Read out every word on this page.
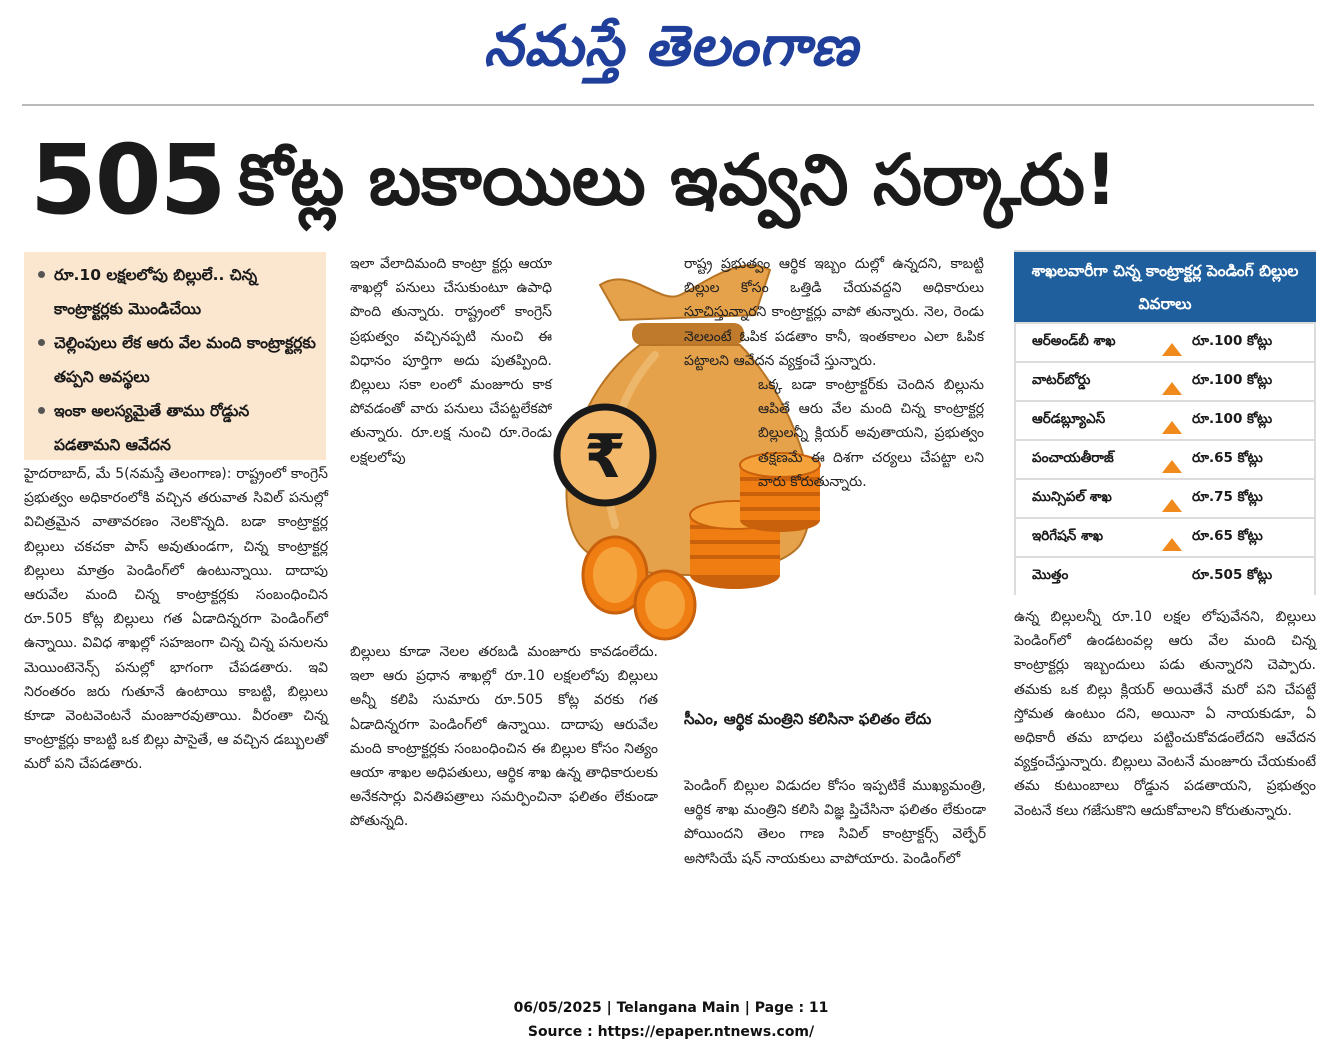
నమస్తే తెలంగాణ
505 కోట్ల బకాయిలు ఇవ్వని సర్కారు!
రూ.10 లక్షలలోపు బిల్లులే.. చిన్న కాంట్రాక్టర్లకు మొండిచేయి
చెల్లింపులు లేక ఆరు వేల మంది కాంట్రాక్టర్లకు తప్పని అవస్థలు
ఇంకా అలస్యమైతే తాము రోడ్డున పడతామని ఆవేదన

హైదరాబాద్, మే 5(నమస్తే తెలంగాణ): రాష్ట్రంలో కాంగ్రెస్ ప్రభుత్వం అధికారంలోకి వచ్చిన తరువాత సివిల్ పనుల్లో విచిత్రమైన వాతావరణం నెలకొన్నది. బడా కాంట్రాక్టర్ల బిల్లులు చకచకా పాస్ అవుతుండగా, చిన్న కాంట్రాక్టర్ల బిల్లులు మాత్రం పెండింగ్‌లో ఉంటున్నాయి. దాదాపు ఆరువేల మంది చిన్న కాంట్రాక్టర్లకు సంబంధించిన రూ.505 కోట్ల బిల్లులు గత ఏడాదిన్నరగా పెండింగ్‌లో ఉన్నాయి. వివిధ శాఖల్లో సహజంగా చిన్న చిన్న పనులను మెయింటెనెన్స్ పనుల్లో భాగంగా చేపడతారు. ఇవి నిరంతరం జరు గుతూనే ఉంటాయి కాబట్టి, బిల్లులు కూడా వెంటవెంటనే మంజూరవుతాయి. వీరంతా చిన్న కాంట్రాక్టర్లు కాబట్టి ఒక బిల్లు పాసైతే, ఆ వచ్చిన డబ్బులతో మరో పని చేపడతారు.

ఇలా వేలాదిమంది కాంట్రా క్టర్లు ఆయా శాఖల్లో పనులు చేసుకుంటూ ఉపాధి పొంది తున్నారు. రాష్ట్రంలో కాంగ్రెస్ ప్రభుత్వం వచ్చినప్పటి నుంచి ఈ విధానం పూర్తిగా అదు పుతప్పింది. బిల్లులు సకా లంలో మంజూరు కాక పోవడంతో వారు పనులు చేపట్టలేకపో తున్నారు. రూ.లక్ష నుంచి రూ.రెండు లక్షలలోపు	₹

బిల్లులు కూడా నెలల తరబడి మంజూరు కావడంలేదు. ఇలా ఆరు ప్రధాన శాఖల్లో రూ.10 లక్షలలోపు బిల్లులు అన్నీ కలిపి సుమారు రూ.505 కోట్ల వరకు గత ఏడాదిన్నరగా పెండింగ్‌లో ఉన్నాయి. దాదాపు ఆరువేల మంది కాంట్రాక్టర్లకు సంబంధించిన ఈ బిల్లుల కోసం నిత్యం ఆయా శాఖల అధిపతులు, ఆర్థిక శాఖ ఉన్న తాధికారులకు అనేకసార్లు వినతిపత్రాలు సమర్పించినా ఫలితం లేకుండా పోతున్నది.

రాష్ట్ర ప్రభుత్వం ఆర్థిక ఇబ్బం దుల్లో ఉన్నదని, కాబట్టి బిల్లుల కోసం ఒత్తిడి చేయవద్దని అధికారులు సూచిస్తున్నారని కాంట్రాక్టర్లు వాపో తున్నారు. నెల, రెండు నెలలంటే ఓపిక పడతాం కానీ, ఇంతకాలం ఎలా ఓపిక పట్టాలని ఆవేదన వ్యక్తంచే స్తున్నారు.

ఒక్క బడా కాంట్రాక్టర్‌కు చెందిన బిల్లును ఆపితే ఆరు వేల మంది చిన్న కాంట్రాక్టర్ల బిల్లులన్నీ క్లియర్ అవుతాయని, ప్రభుత్వం తక్షణమే ఈ దిశగా చర్యలు చేపట్టా లని వారు కోరుతున్నారు.

సీఎం, ఆర్థిక మంత్రిని కలిసినా ఫలితం లేదు

పెండింగ్ బిల్లుల విడుదల కోసం ఇప్పటికే ముఖ్యమంత్రి, ఆర్థిక శాఖ మంత్రిని కలిసి విజ్ఞ ప్తిచేసినా ఫలితం లేకుండా పోయిందని తెలం గాణ సివిల్ కాంట్రాక్టర్స్ వెల్ఫేర్ అసోసియే షన్ నాయకులు వాపోయారు. పెండింగ్‌లో

శాఖలవారీగా చిన్న కాంట్రాక్టర్ల పెండింగ్ బిల్లుల వివరాలు
ఆర్అండ్‌బీ శాఖ	రూ.100 కోట్లు
వాటర్‌బోర్డు	రూ.100 కోట్లు
ఆర్‌డబ్ల్యూఎస్	రూ.100 కోట్లు
పంచాయతీరాజ్	రూ.65 కోట్లు
మున్సిపల్ శాఖ	రూ.75 కోట్లు
ఇరిగేషన్ శాఖ	రూ.65 కోట్లు
మొత్తం	రూ.505 కోట్లు

ఉన్న బిల్లులన్నీ రూ.10 లక్షల లోపువేనని, బిల్లులు పెండింగ్‌లో ఉండటంవల్ల ఆరు వేల మంది చిన్న కాంట్రాక్టర్లు ఇబ్బందులు పడు తున్నారని చెప్పారు. తమకు ఒక బిల్లు క్లియర్ అయితేనే మరో పని చేపట్టే స్తోమత ఉంటుం దని, అయినా ఏ నాయకుడూ, ఏ అధికారీ తమ బాధలు పట్టించుకోవడంలేదని ఆవేదన వ్యక్తంచేస్తున్నారు. బిల్లులు వెంటనే మంజూరు చేయకుంటే తమ కుటుంబాలు రోడ్డున పడతాయని, ప్రభుత్వం వెంటనే కలు గజేసుకొని ఆదుకోవాలని కోరుతున్నారు.

06/05/2025 | Telangana Main | Page : 11
Source : https://epaper.ntnews.com/
